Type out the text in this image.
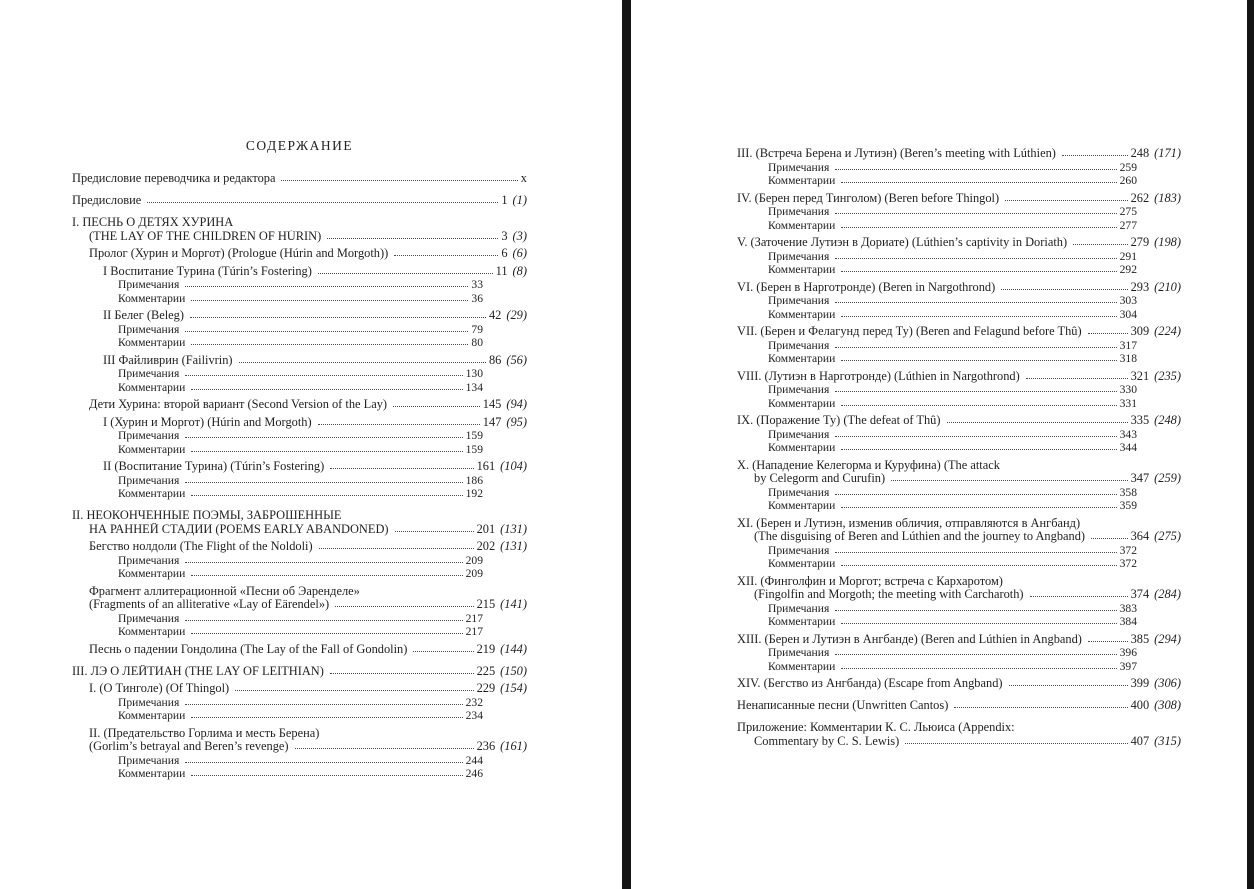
СОДЕРЖАНИЕ
Предисловие переводчика и редактора	x
Предисловие	1 (1)
I. ПЕСНЬ О ДЕТЯХ ХУРИНА
(THE LAY OF THE CHILDREN OF HÚRIN)	3 (3)
Пролог (Хурин и Моргот) (Prologue (Húrin and Morgoth))	6 (6)
I Воспитание Турина (Túrin’s Fostering)	11 (8)
Примечания	33
Комментарии	36
II Белег (Beleg)	42 (29)
Примечания	79
Комментарии	80
III Файливрин (Failivrin)	86 (56)
Примечания	130
Комментарии	134
Дети Хурина: второй вариант (Second Version of the Lay)	145 (94)
I (Хурин и Моргот) (Húrin and Morgoth)	147 (95)
Примечания	159
Комментарии	159
II (Воспитание Турина) (Túrin’s Fostering)	161 (104)
Примечания	186
Комментарии	192
II. НЕОКОНЧЕННЫЕ ПОЭМЫ, ЗАБРОШЕННЫЕ
НА РАННЕЙ СТАДИИ (POEMS EARLY ABANDONED)	201 (131)
Бегство нолдоли (The Flight of the Noldoli)	202 (131)
Примечания	209
Комментарии	209
Фрагмент аллитерационной «Песни об Эаренделе»
(Fragments of an alliterative «Lay of Eärendel»)	215 (141)
Примечания	217
Комментарии	217
Песнь о падении Гондолина (The Lay of the Fall of Gondolin)	219 (144)
III. ЛЭ О ЛЕЙТИАН (THE LAY OF LEITHIAN)	225 (150)
I. (О Тинголе) (Of Thingol)	229 (154)
Примечания	232
Комментарии	234
II. (Предательство Горлима и месть Берена)
(Gorlim’s betrayal and Beren’s revenge)	236 (161)
Примечания	244
Комментарии	246
III. (Встреча Берена и Лутиэн) (Beren’s meeting with Lúthien)	248 (171)
Примечания	259
Комментарии	260
IV. (Берен перед Тинголом) (Beren before Thingol)	262 (183)
Примечания	275
Комментарии	277
V. (Заточение Лутиэн в Дориате) (Lúthien’s captivity in Doriath)	279 (198)
Примечания	291
Комментарии	292
VI. (Берен в Нарготронде) (Beren in Nargothrond)	293 (210)
Примечания	303
Комментарии	304
VII. (Берен и Фелагунд перед Ту) (Beren and Felagund before Thû)	309 (224)
Примечания	317
Комментарии	318
VIII. (Лутиэн в Нарготронде) (Lúthien in Nargothrond)	321 (235)
Примечания	330
Комментарии	331
IX. (Поражение Ту) (The defeat of Thû)	335 (248)
Примечания	343
Комментарии	344
X. (Нападение Келегорма и Куруфина) (The attack
by Celegorm and Curufin)	347 (259)
Примечания	358
Комментарии	359
XI. (Берен и Лутиэн, изменив обличия, отправляются в Ангбанд)
(The disguising of Beren and Lúthien and the journey to Angband)	364 (275)
Примечания	372
Комментарии	372
XII. (Финголфин и Моргот; встреча с Кархаротом)
(Fingolfin and Morgoth; the meeting with Carcharoth)	374 (284)
Примечания	383
Комментарии	384
XIII. (Берен и Лутиэн в Ангбанде) (Beren and Lúthien in Angband)	385 (294)
Примечания	396
Комментарии	397
XIV. (Бегство из Ангбанда) (Escape from Angband)	399 (306)
Ненаписанные песни (Unwritten Cantos)	400 (308)
Приложение: Комментарии К. С. Льюиса (Appendix:
Commentary by C. S. Lewis)	407 (315)
